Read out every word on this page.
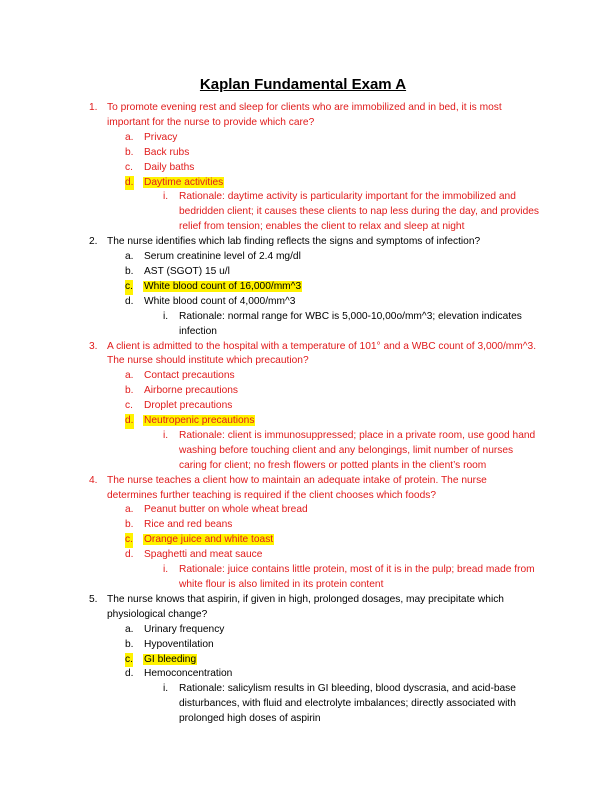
Kaplan Fundamental Exam A
1. To promote evening rest and sleep for clients who are immobilized and in bed, it is most important for the nurse to provide which care?
a. Privacy
b. Back rubs
c. Daily baths
d. Daytime activities
i. Rationale: daytime activity is particularity important for the immobilized and bedridden client; it causes these clients to nap less during the day, and provides relief from tension; enables the client to relax and sleep at night
2. The nurse identifies which lab finding reflects the signs and symptoms of infection?
a. Serum creatinine level of 2.4 mg/dl
b. AST (SGOT) 15 u/l
c. White blood count of 16,000/mm^3
d. White blood count of 4,000/mm^3
i. Rationale: normal range for WBC is 5,000-10,00o/mm^3; elevation indicates infection
3. A client is admitted to the hospital with a temperature of 101° and a WBC count of 3,000/mm^3. The nurse should institute which precaution?
a. Contact precautions
b. Airborne precautions
c. Droplet precautions
d. Neutropenic precautions
i. Rationale: client is immunosuppressed; place in a private room, use good hand washing before touching client and any belongings, limit number of nurses caring for client; no fresh flowers or potted plants in the client’s room
4. The nurse teaches a client how to maintain an adequate intake of protein. The nurse determines further teaching is required if the client chooses which foods?
a. Peanut butter on whole wheat bread
b. Rice and red beans
c. Orange juice and white toast
d. Spaghetti and meat sauce
i. Rationale: juice contains little protein, most of it is in the pulp; bread made from white flour is also limited in its protein content
5. The nurse knows that aspirin, if given in high, prolonged dosages, may precipitate which physiological change?
a. Urinary frequency
b. Hypoventilation
c. GI bleeding
d. Hemoconcentration
i. Rationale: salicylism results in GI bleeding, blood dyscrasia, and acid-base disturbances, with fluid and electrolyte imbalances; directly associated with prolonged high doses of aspirin
